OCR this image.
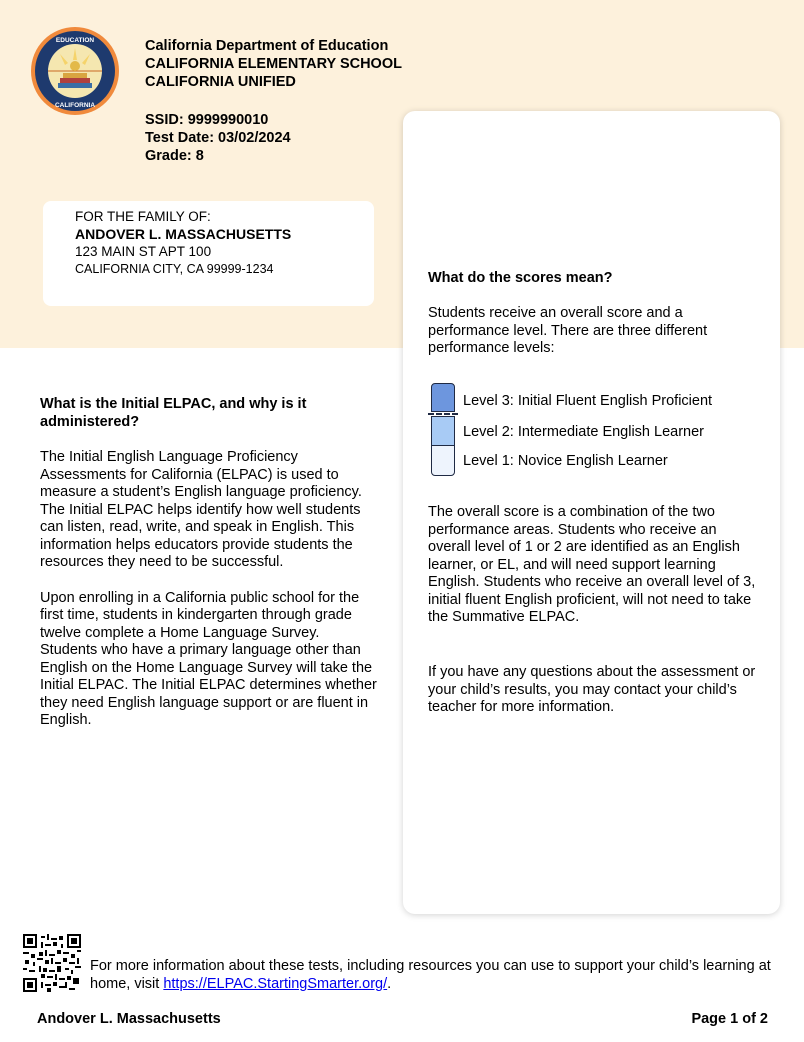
EDUCATION
CALIFORNIA
California Department of Education
CALIFORNIA ELEMENTARY SCHOOL
CALIFORNIA UNIFIED
SSID: 9999990010
Test Date: 03/02/2024
Grade: 8
FOR THE FAMILY OF:
ANDOVER L. MASSACHUSETTS
123 MAIN ST APT 100
CALIFORNIA CITY, CA 99999-1234
What do the scores mean?
Students receive an overall score and a performance level. There are three different performance levels:
Level 3: Initial Fluent English Proficient
Level 2: Intermediate English Learner
Level 1: Novice English Learner
The overall score is a combination of the two performance areas. Students who receive an overall level of 1 or 2 are identified as an English learner, or EL, and will need support learning English. Students who receive an overall level of 3, initial fluent English proficient, will not need to take the Summative ELPAC.
If you have any questions about the assessment or your child’s results, you may contact your child’s teacher for more information.
What is the Initial ELPAC, and why is it administered?
The Initial English Language Proficiency Assessments for California (ELPAC) is used to measure a student’s English language proficiency. The Initial ELPAC helps identify how well students can listen, read, write, and speak in English. This information helps educators provide students the resources they need to be successful.
Upon enrolling in a California public school for the first time, students in kindergarten through grade twelve complete a Home Language Survey. Students who have a primary language other than English on the Home Language Survey will take the Initial ELPAC. The Initial ELPAC determines whether they need English language support or are fluent in English.
For more information about these tests, including resources you can use to support your child’s learning at home, visit https://ELPAC.StartingSmarter.org/.
Andover L. Massachusetts	Page 1 of 2
